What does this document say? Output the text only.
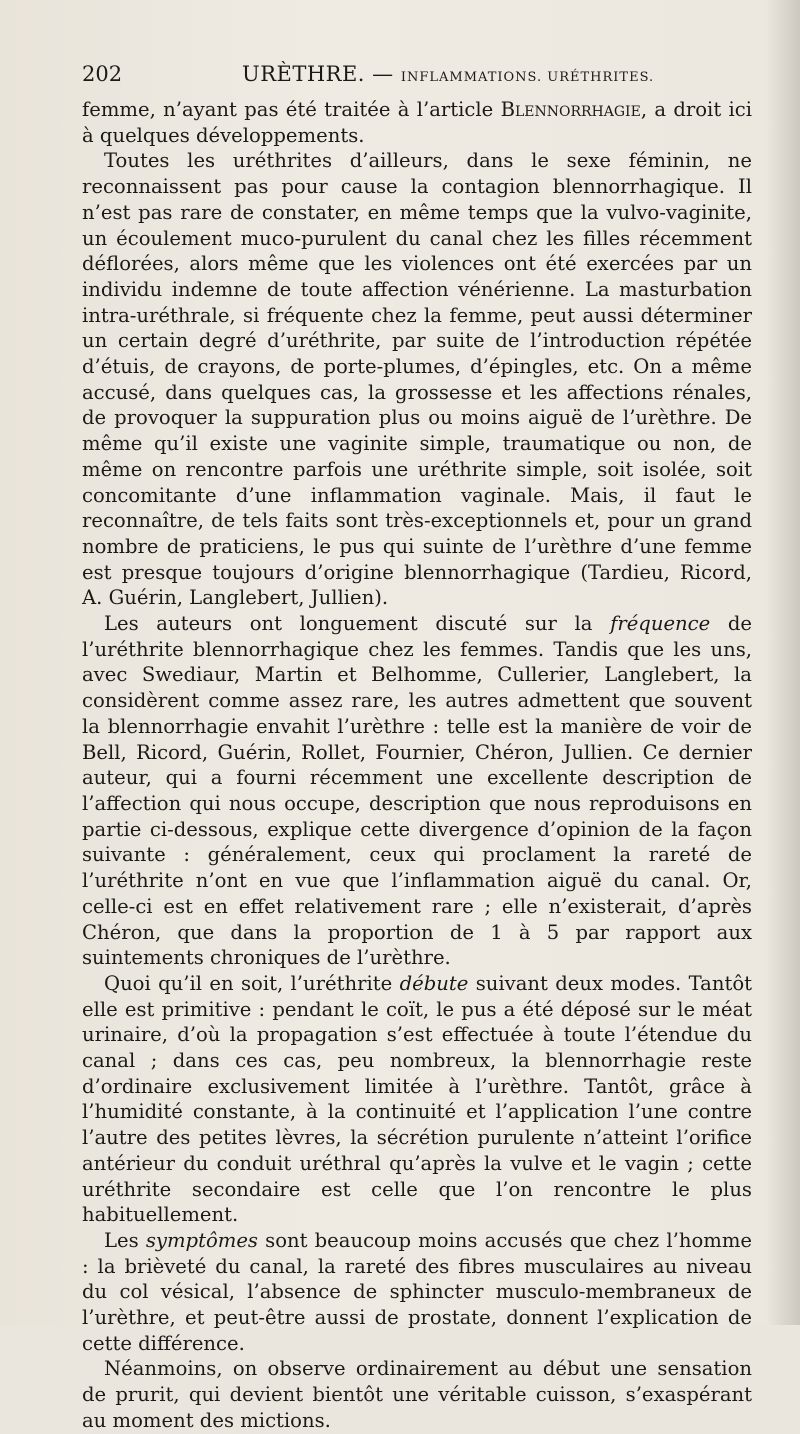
202	URÈTHRE. — INFLAMMATIONS. URÉTHRITES.

femme, n’ayant pas été traitée à l’article Blennorrhagie, a droit ici à quelques développements.

Toutes les uréthrites d’ailleurs, dans le sexe féminin, ne reconnaissent pas pour cause la contagion blennorrhagique. Il n’est pas rare de constater, en même temps que la vulvo-vaginite, un écoulement muco-purulent du canal chez les filles récemment déflorées, alors même que les violences ont été exercées par un individu indemne de toute affection vénérienne. La masturbation intra-uréthrale, si fréquente chez la femme, peut aussi déterminer un certain degré d’uréthrite, par suite de l’introduction répétée d’étuis, de crayons, de porte-plumes, d’épingles, etc. On a même accusé, dans quelques cas, la grossesse et les affections rénales, de provoquer la suppuration plus ou moins aiguë de l’urèthre. De même qu’il existe une vaginite simple, traumatique ou non, de même on rencontre parfois une uréthrite simple, soit isolée, soit concomitante d’une inflammation vaginale. Mais, il faut le reconnaître, de tels faits sont très-exceptionnels et, pour un grand nombre de praticiens, le pus qui suinte de l’urèthre d’une femme est presque toujours d’origine blennorrhagique (Tardieu, Ricord, A. Guérin, Langlebert, Jullien).

Les auteurs ont longuement discuté sur la fréquence de l’uréthrite blennorrhagique chez les femmes. Tandis que les uns, avec Swediaur, Martin et Belhomme, Cullerier, Langlebert, la considèrent comme assez rare, les autres admettent que souvent la blennorrhagie envahit l’urèthre : telle est la manière de voir de Bell, Ricord, Guérin, Rollet, Fournier, Chéron, Jullien. Ce dernier auteur, qui a fourni récemment une excellente description de l’affection qui nous occupe, description que nous reproduisons en partie ci-dessous, explique cette divergence d’opinion de la façon suivante : généralement, ceux qui proclament la rareté de l’uréthrite n’ont en vue que l’inflammation aiguë du canal. Or, celle-ci est en effet relativement rare ; elle n’existerait, d’après Chéron, que dans la proportion de 1 à 5 par rapport aux suintements chroniques de l’urèthre.

Quoi qu’il en soit, l’uréthrite débute suivant deux modes. Tantôt elle est primitive : pendant le coït, le pus a été déposé sur le méat urinaire, d’où la propagation s’est effectuée à toute l’étendue du canal ; dans ces cas, peu nombreux, la blennorrhagie reste d’ordinaire exclusivement limitée à l’urèthre. Tantôt, grâce à l’humidité constante, à la continuité et l’application l’une contre l’autre des petites lèvres, la sécrétion purulente n’atteint l’orifice antérieur du conduit uréthral qu’après la vulve et le vagin ; cette uréthrite secondaire est celle que l’on rencontre le plus habituellement.

Les symptômes sont beaucoup moins accusés que chez l’homme : la brièveté du canal, la rareté des fibres musculaires au niveau du col vésical, l’absence de sphincter musculo-membraneux de l’urèthre, et peut-être aussi de prostate, donnent l’explication de cette différence.

Néanmoins, on observe ordinairement au début une sensation de prurit, qui devient bientôt une véritable cuisson, s’exaspérant au moment des mictions.
